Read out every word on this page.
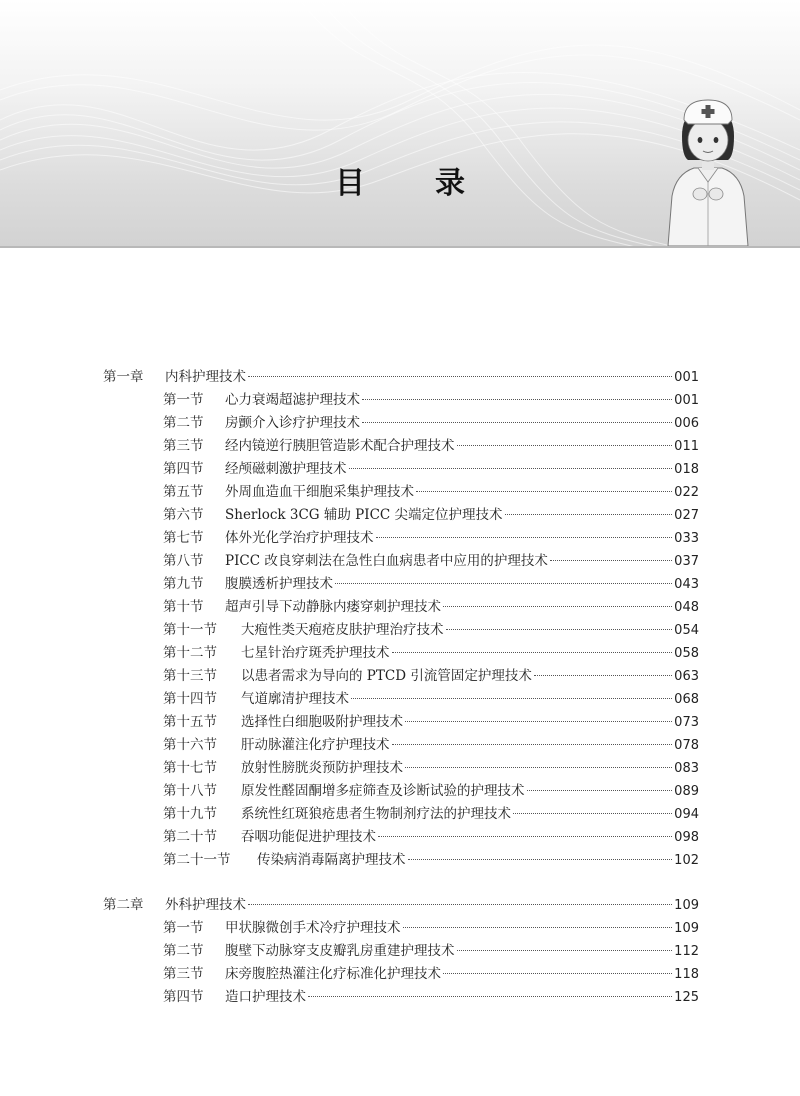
目 录
第一章	内科护理技术	001
第一节	心力衰竭超滤护理技术	001
第二节	房颤介入诊疗护理技术	006
第三节	经内镜逆行胰胆管造影术配合护理技术	011
第四节	经颅磁刺激护理技术	018
第五节	外周血造血干细胞采集护理技术	022
第六节	Sherlock 3CG 辅助 PICC 尖端定位护理技术	027
第七节	体外光化学治疗护理技术	033
第八节	PICC 改良穿刺法在急性白血病患者中应用的护理技术	037
第九节	腹膜透析护理技术	043
第十节	超声引导下动静脉内瘘穿刺护理技术	048
第十一节	大疱性类天疱疮皮肤护理治疗技术	054
第十二节	七星针治疗斑秃护理技术	058
第十三节	以患者需求为导向的 PTCD 引流管固定护理技术	063
第十四节	气道廓清护理技术	068
第十五节	选择性白细胞吸附护理技术	073
第十六节	肝动脉灌注化疗护理技术	078
第十七节	放射性膀胱炎预防护理技术	083
第十八节	原发性醛固酮增多症筛查及诊断试验的护理技术	089
第十九节	系统性红斑狼疮患者生物制剂疗法的护理技术	094
第二十节	吞咽功能促进护理技术	098
第二十一节	传染病消毒隔离护理技术	102
第二章	外科护理技术	109
第一节	甲状腺微创手术冷疗护理技术	109
第二节	腹壁下动脉穿支皮瓣乳房重建护理技术	112
第三节	床旁腹腔热灌注化疗标准化护理技术	118
第四节	造口护理技术	125
